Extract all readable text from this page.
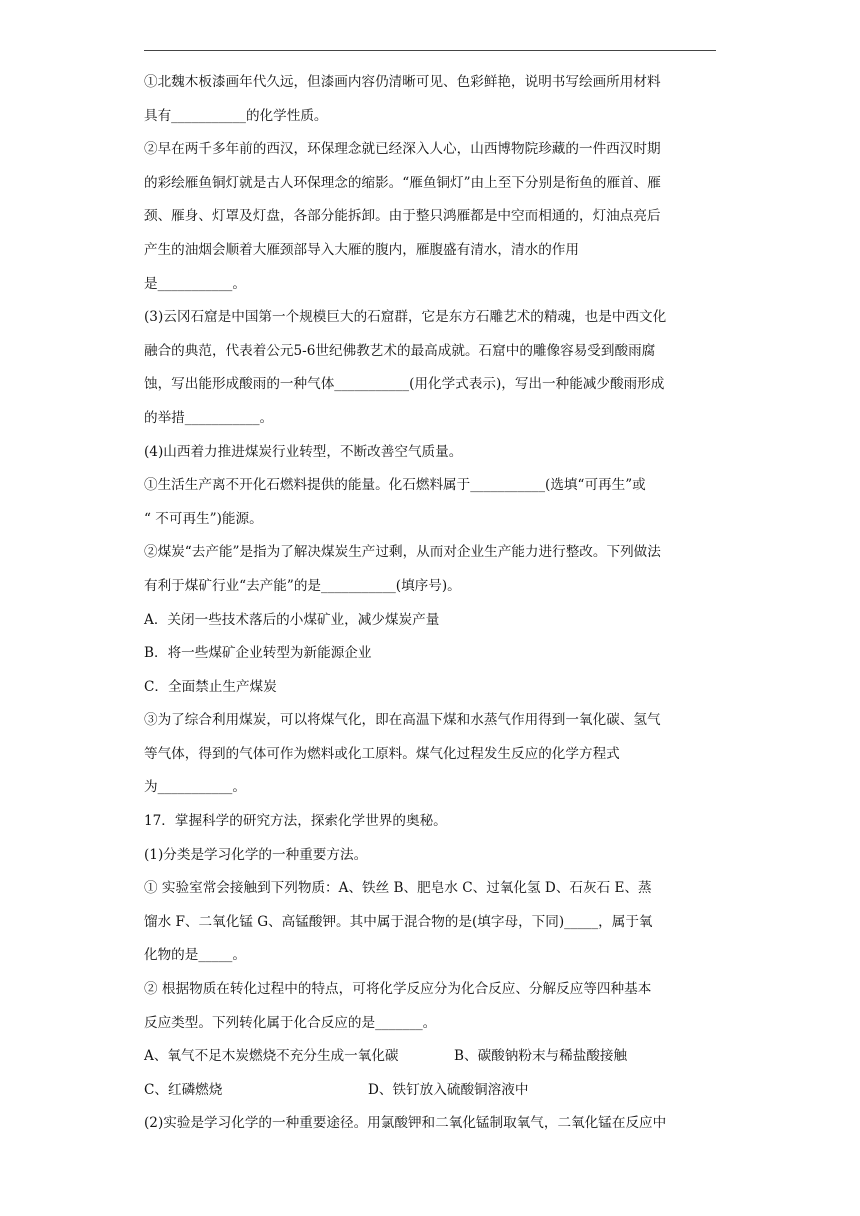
①北魏木板漆画年代久远，但漆画内容仍清晰可见、色彩鲜艳，说明书写绘画所用材料

具有___________的化学性质。

②早在两千多年前的西汉，环保理念就已经深入人心，山西博物院珍藏的一件西汉时期

的彩绘雁鱼铜灯就是古人环保理念的缩影。“雁鱼铜灯”由上至下分别是衔鱼的雁首、雁

颈、雁身、灯罩及灯盘，各部分能拆卸。由于整只鸿雁都是中空而相通的，灯油点亮后

产生的油烟会顺着大雁颈部导入大雁的腹内，雁腹盛有清水，清水的作用

是___________。

(3)云冈石窟是中国第一个规模巨大的石窟群，它是东方石雕艺术的精魂，也是中西文化

融合的典范，代表着公元5-6世纪佛教艺术的最高成就。石窟中的雕像容易受到酸雨腐

蚀，写出能形成酸雨的一种气体___________(用化学式表示)，写出一种能减少酸雨形成

的举措___________。

(4)山西着力推进煤炭行业转型，不断改善空气质量。

①生活生产离不开化石燃料提供的能量。化石燃料属于___________(选填“可再生”或

“ 不可再生”)能源。

②煤炭“去产能”是指为了解决煤炭生产过剩，从而对企业生产能力进行整改。下列做法

有利于煤矿行业“去产能”的是___________(填序号)。

A．关闭一些技术落后的小煤矿业，减少煤炭产量

B．将一些煤矿企业转型为新能源企业

C．全面禁止生产煤炭

③为了综合利用煤炭，可以将煤气化，即在高温下煤和水蒸气作用得到一氧化碳、氢气

等气体，得到的气体可作为燃料或化工原料。煤气化过程发生反应的化学方程式

为___________。

17．掌握科学的研究方法，探索化学世界的奥秘。

(1)分类是学习化学的一种重要方法。

① 实验室常会接触到下列物质：A、铁丝 B、肥皂水 C、过氧化氢 D、石灰石 E、蒸

馏水 F、二氧化锰 G、高锰酸钾。其中属于混合物的是(填字母，下同)_____，属于氧

化物的是_____。

② 根据物质在转化过程中的特点，可将化学反应分为化合反应、分解反应等四种基本

反应类型。下列转化属于化合反应的是_______。

A、氧气不足木炭燃烧不充分生成一氧化碳	B、碳酸钠粉末与稀盐酸接触
C、红磷燃烧	D、铁钉放入硫酸铜溶液中

(2)实验是学习化学的一种重要途径。用氯酸钾和二氧化锰制取氧气，二氧化锰在反应中
